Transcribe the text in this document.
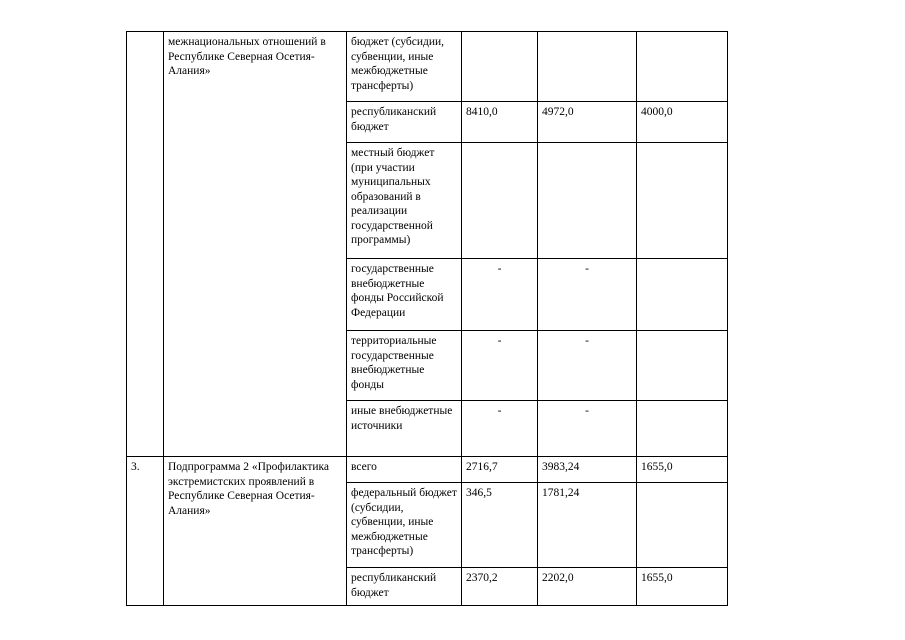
	межнациональных отношений в Республике Северная Осетия-Алания»	бюджет (субсидии, субвенции, иные межбюджетные трансферты)			
		республиканский бюджет	8410,0	4972,0	4000,0
		местный бюджет (при участии муниципальных образований в реализации государственной программы)			
		государственные внебюджетные фонды Российской Федерации	-	-	
		территориальные государственные внебюджетные фонды	-	-	
		иные внебюджетные источники	-	-	
3.	Подпрограмма 2 «Профилактика экстремистских проявлений в Республике Северная Осетия-Алания»	всего	2716,7	3983,24	1655,0
		федеральный бюджет (субсидии, субвенции, иные межбюджетные трансферты)	346,5	1781,24	
		республиканский бюджет	2370,2	2202,0	1655,0
